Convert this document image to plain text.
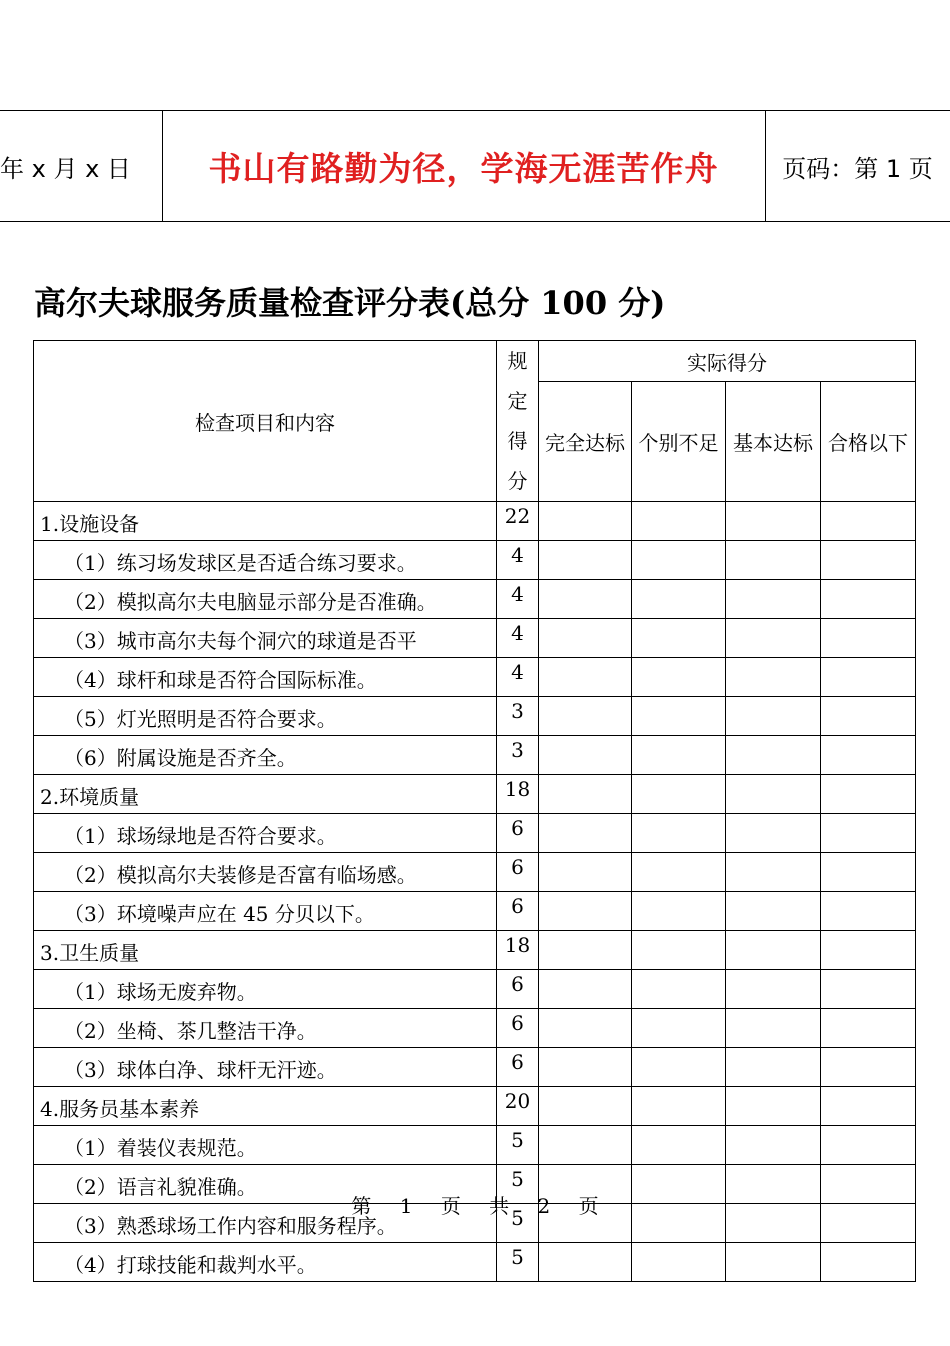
年 x 月 x 日 书山有路勤为径，学海无涯苦作舟	页码：第 1 页
高尔夫球服务质量检查评分表(总分 100 分)
检查项目和内容	规
定
得
分	实际得分			
		完全达标	个别不足	基本达标	合格以下
1.设施设备	22				
（1）练习场发球区是否适合练习要求。	4				
（2）模拟高尔夫电脑显示部分是否准确。	4				
（3）城市高尔夫每个洞穴的球道是否平	4				
（4）球杆和球是否符合国际标准。	4				
（5）灯光照明是否符合要求。	3				
（6）附属设施是否齐全。	3				
2.环境质量	18				
（1）球场绿地是否符合要求。	6				
（2）模拟高尔夫装修是否富有临场感。	6				
（3）环境噪声应在 45 分贝以下。	6				
3.卫生质量	18				
（1）球场无废弃物。	6				
（2）坐椅、茶几整洁干净。	6				
（3）球体白净、球杆无汗迹。	6				
4.服务员基本素养	20				
（1）着装仪表规范。	5				
（2）语言礼貌准确。	5				
（3）熟悉球场工作内容和服务程序。	5				
（4）打球技能和裁判水平。	5				
第 1 页 共 2 页
